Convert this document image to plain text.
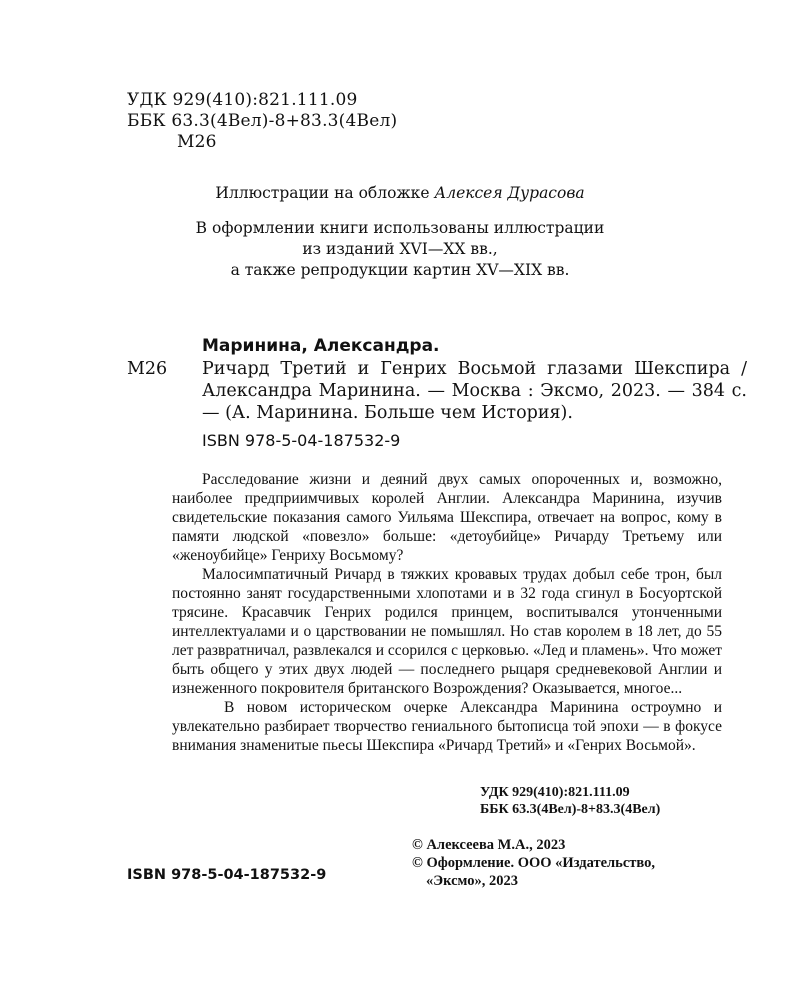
УДК 929(410):821.111.09
ББК 63.3(4Вел)-8+83.3(4Вел)
М26
Иллюстрации на обложке Алексея Дурасова
В оформлении книги использованы иллюстрации
из изданий XVI—XX вв.,
а также репродукции картин XV—XIX вв.
Маринина, Александра.
М26	Ричард Третий и Генрих Восьмой глазами Шекспира / Александра Маринина. — Москва : Эксмо, 2023. — 384 с. — (А. Маринина. Больше чем История).
ISBN 978-5-04-187532-9

Расследование жизни и деяний двух самых опороченных и, возможно, наиболее предприимчивых королей Англии. Александра Маринина, изучив свидетельские показания самого Уильяма Шекспира, отвечает на вопрос, кому в памяти людской «повезло» больше: «детоубийце» Ричарду Третьему или «женоубийце» Генриху Восьмому?

Малосимпатичный Ричард в тяжких кровавых трудах добыл себе трон, был постоянно занят государственными хлопотами и в 32 года сгинул в Босуортской трясине. Красавчик Генрих родился принцем, воспитывался утонченными интеллектуалами и о царствовании не помышлял. Но став королем в 18 лет, до 55 лет развратничал, развлекался и ссорился с церковью. «Лед и пламень». Что может быть общего у этих двух людей — последнего рыцаря средневековой Англии и изнеженного покровителя британского Возрождения? Оказывается, многое...

В новом историческом очерке Александра Маринина остроумно и увлекательно разбирает творчество гениального бытописца той эпохи — в фокусе внимания знаменитые пьесы Шекспира «Ричард Третий» и «Генрих Восьмой».

УДК 929(410):821.111.09
ББК 63.3(4Вел)-8+83.3(4Вел)
ISBN 978-5-04-187532-9
© Алексеева М.А., 2023
© Оформление. ООО «Издательство,
«Эксмо», 2023
